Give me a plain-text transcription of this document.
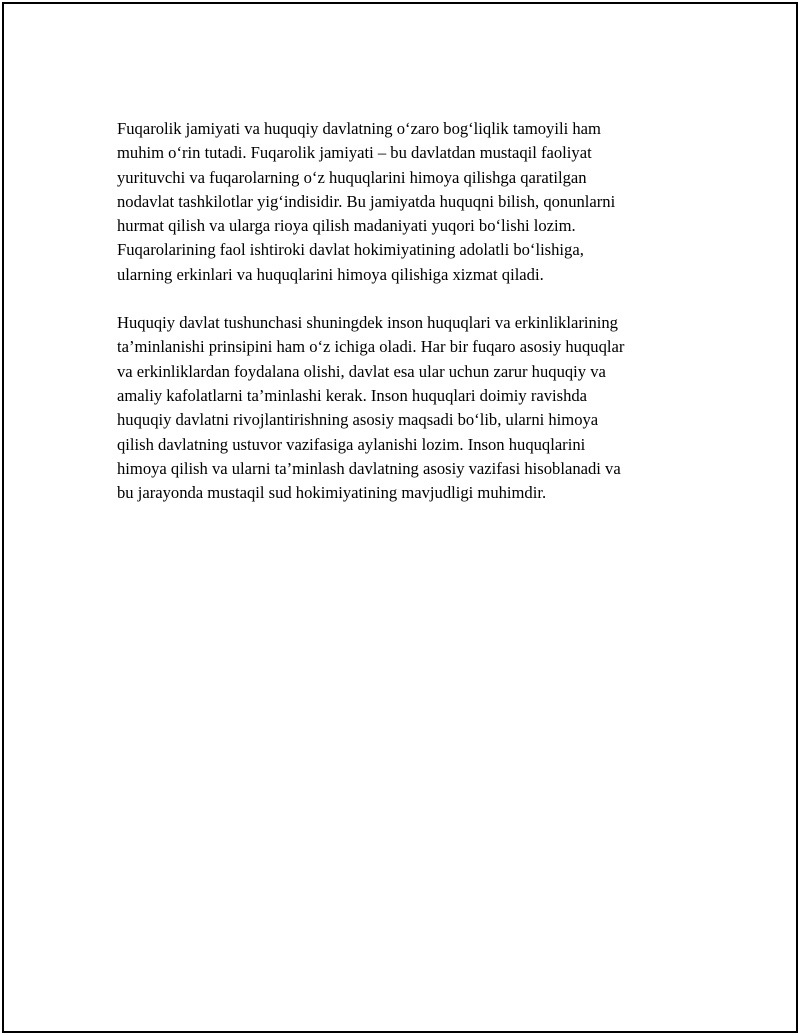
Fuqarolik jamiyati va huquqiy davlatning o‘zaro bog‘liqlik tamoyili ham
muhim o‘rin tutadi. Fuqarolik jamiyati – bu davlatdan mustaqil faoliyat
yurituvchi va fuqarolarning o‘z huquqlarini himoya qilishga qaratilgan
nodavlat tashkilotlar yig‘indisidir. Bu jamiyatda huquqni bilish, qonunlarni
hurmat qilish va ularga rioya qilish madaniyati yuqori bo‘lishi lozim.
Fuqarolarining faol ishtiroki davlat hokimiyatining adolatli bo‘lishiga,
ularning erkinlari va huquqlarini himoya qilishiga xizmat qiladi.

Huquqiy davlat tushunchasi shuningdek inson huquqlari va erkinliklarining
ta’minlanishi prinsipini ham o‘z ichiga oladi. Har bir fuqaro asosiy huquqlar
va erkinliklardan foydalana olishi, davlat esa ular uchun zarur huquqiy va
amaliy kafolatlarni ta’minlashi kerak. Inson huquqlari doimiy ravishda
huquqiy davlatni rivojlantirishning asosiy maqsadi bo‘lib, ularni himoya
qilish davlatning ustuvor vazifasiga aylanishi lozim. Inson huquqlarini
himoya qilish va ularni ta’minlash davlatning asosiy vazifasi hisoblanadi va
bu jarayonda mustaqil sud hokimiyatining mavjudligi muhimdir.
